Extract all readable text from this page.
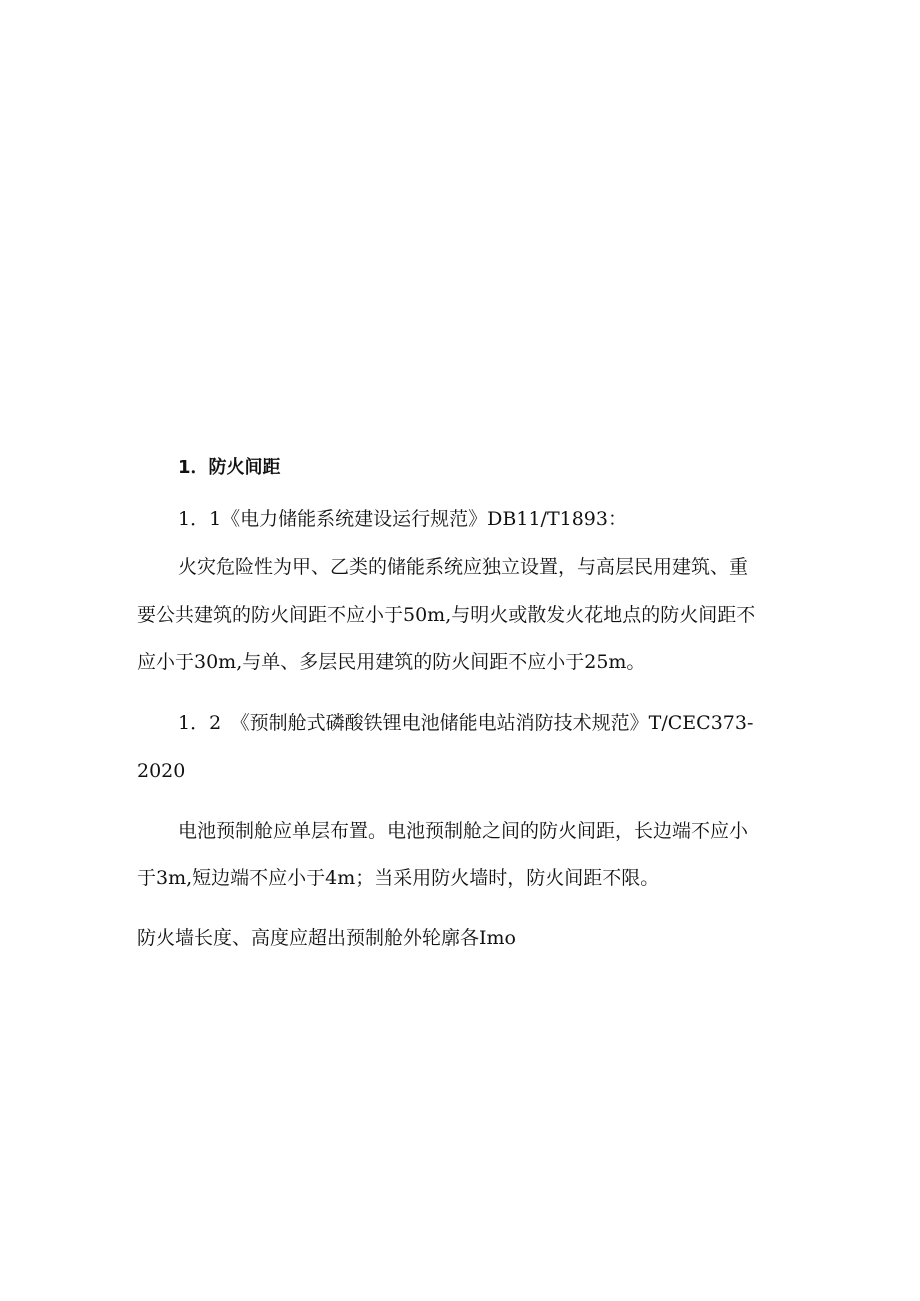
1．防火间距
1．1《电力储能系统建设运行规范》DB11/T1893：
火灾危险性为甲、乙类的储能系统应独立设置，与高层民用建筑、重
要公共建筑的防火间距不应小于50m,与明火或散发火花地点的防火间距不
应小于30m,与单、多层民用建筑的防火间距不应小于25m。
1．2　《预制舱式磷酸铁锂电池储能电站消防技术规范》T/CEC373-
2020
电池预制舱应单层布置。电池预制舱之间的防火间距，长边端不应小
于3m,短边端不应小于4m；当采用防火墙时，防火间距不限。
防火墙长度、高度应超出预制舱外轮廓各Imo
